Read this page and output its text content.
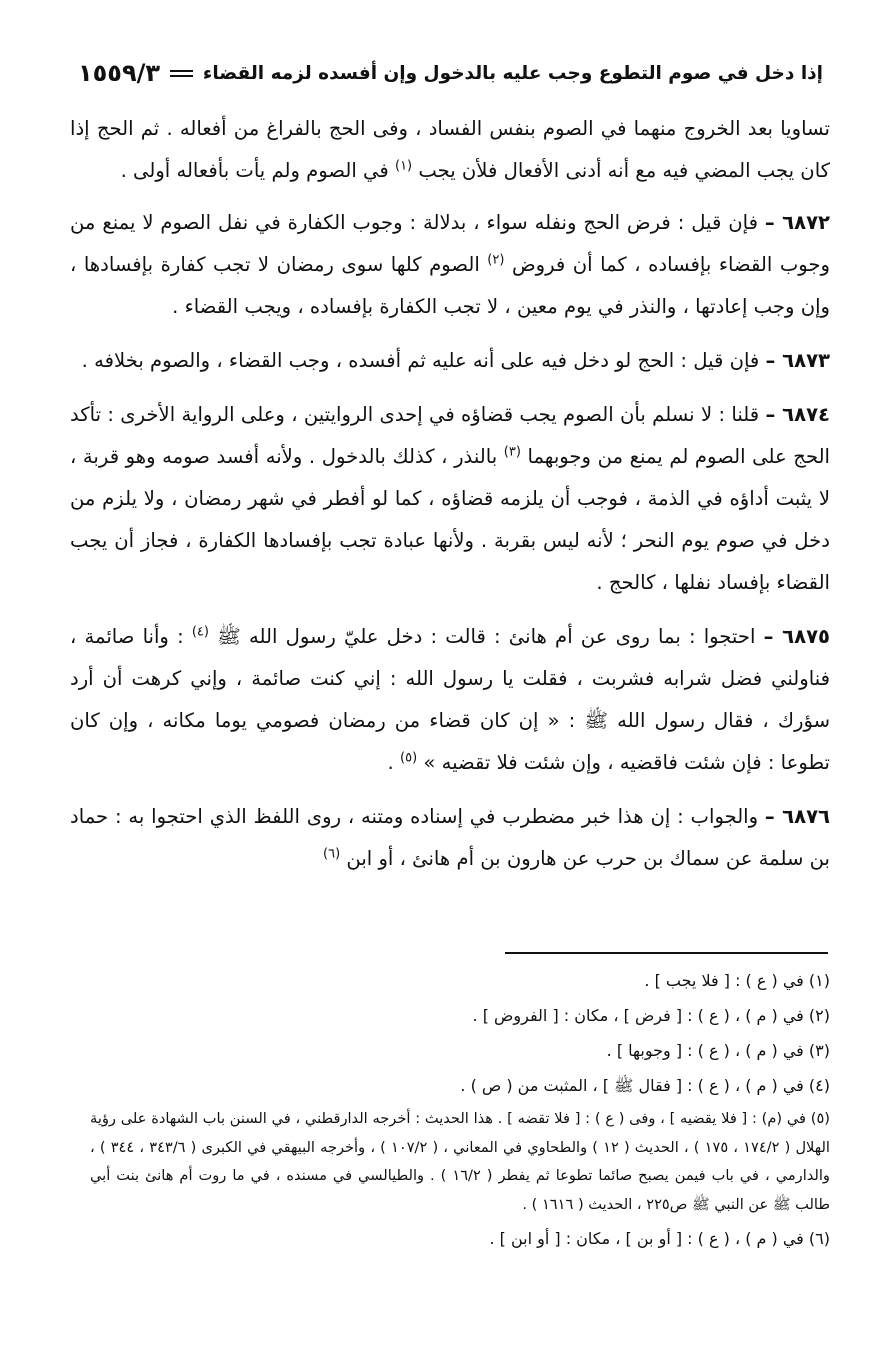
إذا دخل في صوم التطوع وجب عليه بالدخول وإن أفسده لزمه القضاء
١٥٥٩/٣

تساويا بعد الخروج منهما في الصوم بنفس الفساد ، وفى الحج بالفراغ من أفعاله . ثم الحج إذا كان يجب المضي فيه مع أنه أدنى الأفعال فلأن يجب $^{(١)}$ في الصوم ولم يأت بأفعاله أولى .

٦٨٧٢ – فإن قيل : فرض الحج ونفله سواء ، بدلالة : وجوب الكفارة في نفل الصوم لا يمنع من وجوب القضاء بإفساده ، كما أن فروض $^{(٢)}$ الصوم كلها سوى رمضان لا تجب كفارة بإفسادها ، وإن وجب إعادتها ، والنذر في يوم معين ، لا تجب الكفارة بإفساده ، ويجب القضاء .

٦٨٧٣ – فإن قيل : الحج لو دخل فيه على أنه عليه ثم أفسده ، وجب القضاء ، والصوم بخلافه .

٦٨٧٤ – قلنا : لا نسلم بأن الصوم يجب قضاؤه في إحدى الروايتين ، وعلى الرواية الأخرى : تأكد الحج على الصوم لم يمنع من وجوبهما $^{(٣)}$ بالنذر ، كذلك بالدخول . ولأنه أفسد صومه وهو قربة ، لا يثبت أداؤه في الذمة ، فوجب أن يلزمه قضاؤه ، كما لو أفطر في شهر رمضان ، ولا يلزم من دخل في صوم يوم النحر ؛ لأنه ليس بقربة . ولأنها عبادة تجب بإفسادها الكفارة ، فجاز أن يجب القضاء بإفساد نفلها ، كالحج .

٦٨٧٥ – احتجوا : بما روى عن أم هانئ : قالت : دخل عليّ رسول الله ﷺ $^{(٤)}$ : وأنا صائمة ، فناولني فضل شرابه فشربت ، فقلت يا رسول الله : إني كنت صائمة ، وإني كرهت أن أرد سؤرك ، فقال رسول الله ﷺ : « إن كان قضاء من رمضان فصومي يوما مكانه ، وإن كان تطوعا : فإن شئت فاقضيه ، وإن شئت فلا تقضيه » $^{(٥)}$ .

٦٨٧٦ – والجواب : إن هذا خبر مضطرب في إسناده ومتنه ، روى اللفظ الذي احتجوا به : حماد بن سلمة عن سماك بن حرب عن هارون بن أم هانئ ، أو ابن $^{(٦)}$

(١) في ( ع ) : [ فلا يجب ] .
(٢) في ( م ) ، ( ع ) : [ فرض ] ، مكان : [ الفروض ] .
(٣) في ( م ) ، ( ع ) : [ وجوبها ] .
(٤) في ( م ) ، ( ع ) : [ فقال ﷺ ] ، المثبت من ( ص ) .
(٥) في (م) : [ فلا يقضيه ] ، وفى ( ع ) : [ فلا تقضه ] . هذا الحديث : أخرجه الدارقطني ، في السنن باب الشهادة على رؤية الهلال ( ١٧٤/٢ ، ١٧٥ ) ، الحديث ( ١٢ ) والطحاوي في المعاني ، ( ١٠٧/٢ ) ، وأخرجه البيهقي في الكبرى ( ٣٤٣/٦ ، ٣٤٤ ) ، والدارمي ، في باب فيمن يصبح صائما تطوعا ثم يفطر ( ١٦/٢ ) . والطيالسي في مسنده ، في ما روت أم هانئ بنت أبي طالب ﷺ عن النبي ﷺ ص٢٢٥ ، الحديث ( ١٦١٦ ) .
(٦) في ( م ) ، ( ع ) : [ أو بن ] ، مكان : [ أو ابن ] .
